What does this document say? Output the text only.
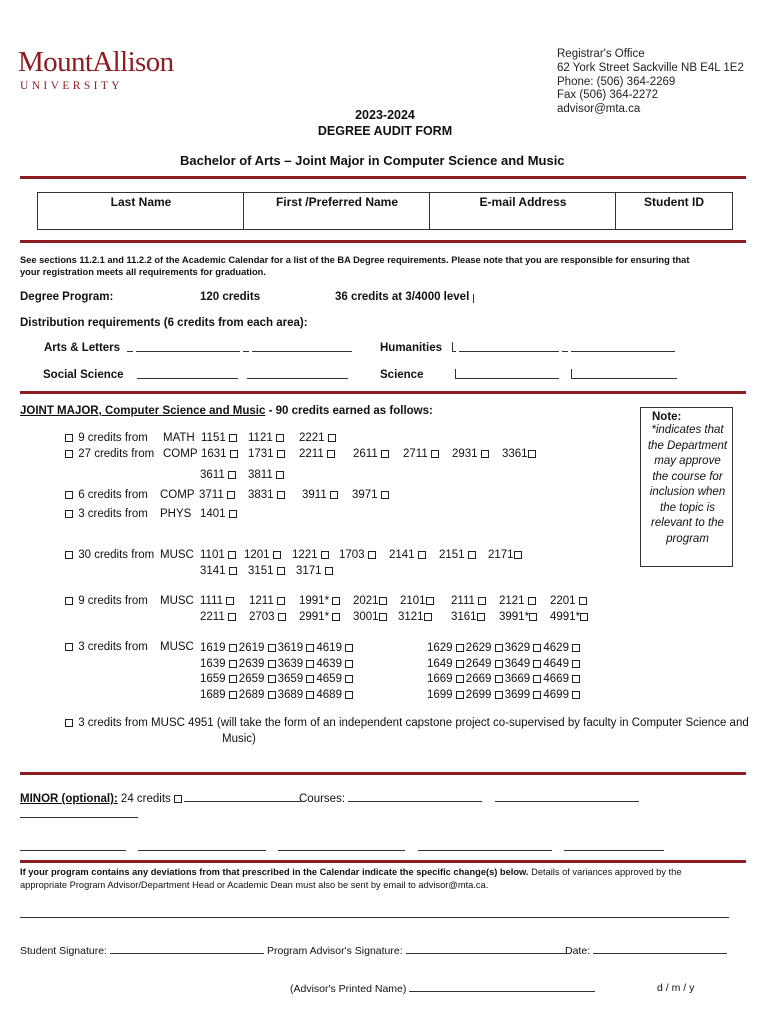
MountAllison
UNIVERSITY
Registrar's Office
62 York Street Sackville NB E4L 1E2
Phone: (506) 364-2269
Fax (506) 364-2272
advisor@mta.ca
2023-2024
DEGREE AUDIT FORM
Bachelor of Arts – Joint Major in Computer Science and Music
Last Name	First /Preferred Name	E-mail Address	Student ID
See sections 11.2.1 and 11.2.2 of the Academic Calendar for a list of the BA Degree requirements. Please note that you are responsible for ensuring that
your registration meets all requirements for graduation.
Degree Program:	120 credits	36 credits at 3/4000 level
Distribution requirements (6 credits from each area):
Arts & Letters
	Humanities

Social Science
	Science

JOINT MAJOR, Computer Science and Music - 90 credits earned as follows:	Note:
*indicates that
the Department
may approve
the course for
inclusion when
the topic is
relevant to the
program
9 credits from MATH 1151	1121	2221
27 credits from COMP 1631	1731	2211	2611	2711	2931	3361
3611	3811
6 credits from COMP 3711	3831	3911	3971
3 credits from PHYS 1401
30 credits from MUSC 1101	1201	1221	1703	2141	2151	2171
3141	3151	3171
9 credits from MUSC 1111	1211	1991*	2021	2101	2111	2121	2201
2211	2703	2991*	3001	3121	3161	3991*	4991*
3 credits from MUSC 1619 2619 3619 4619
1639 2639 3639 4639
1659 2659 3659 4659
1689 2689 3689 4689
1629 2629 3629 4629
1649 2649 3649 4649
1669 2669 3669 4669
1699 2699 3699 4699
3 credits from MUSC 4951 (will take the form of an independent capstone project co-supervised by faculty in Computer Science and
Music)
MINOR (optional): 24 credits	Courses:

If your program contains any deviations from that prescribed in the Calendar indicate the specific change(s) below. Details of variances approved by the
appropriate Program Advisor/Department Head or Academic Dean must also be sent by email to advisor@mta.ca.
Student Signature:	Program Advisor's Signature:	Date:
(Advisor's Printed Name)	d / m / y
